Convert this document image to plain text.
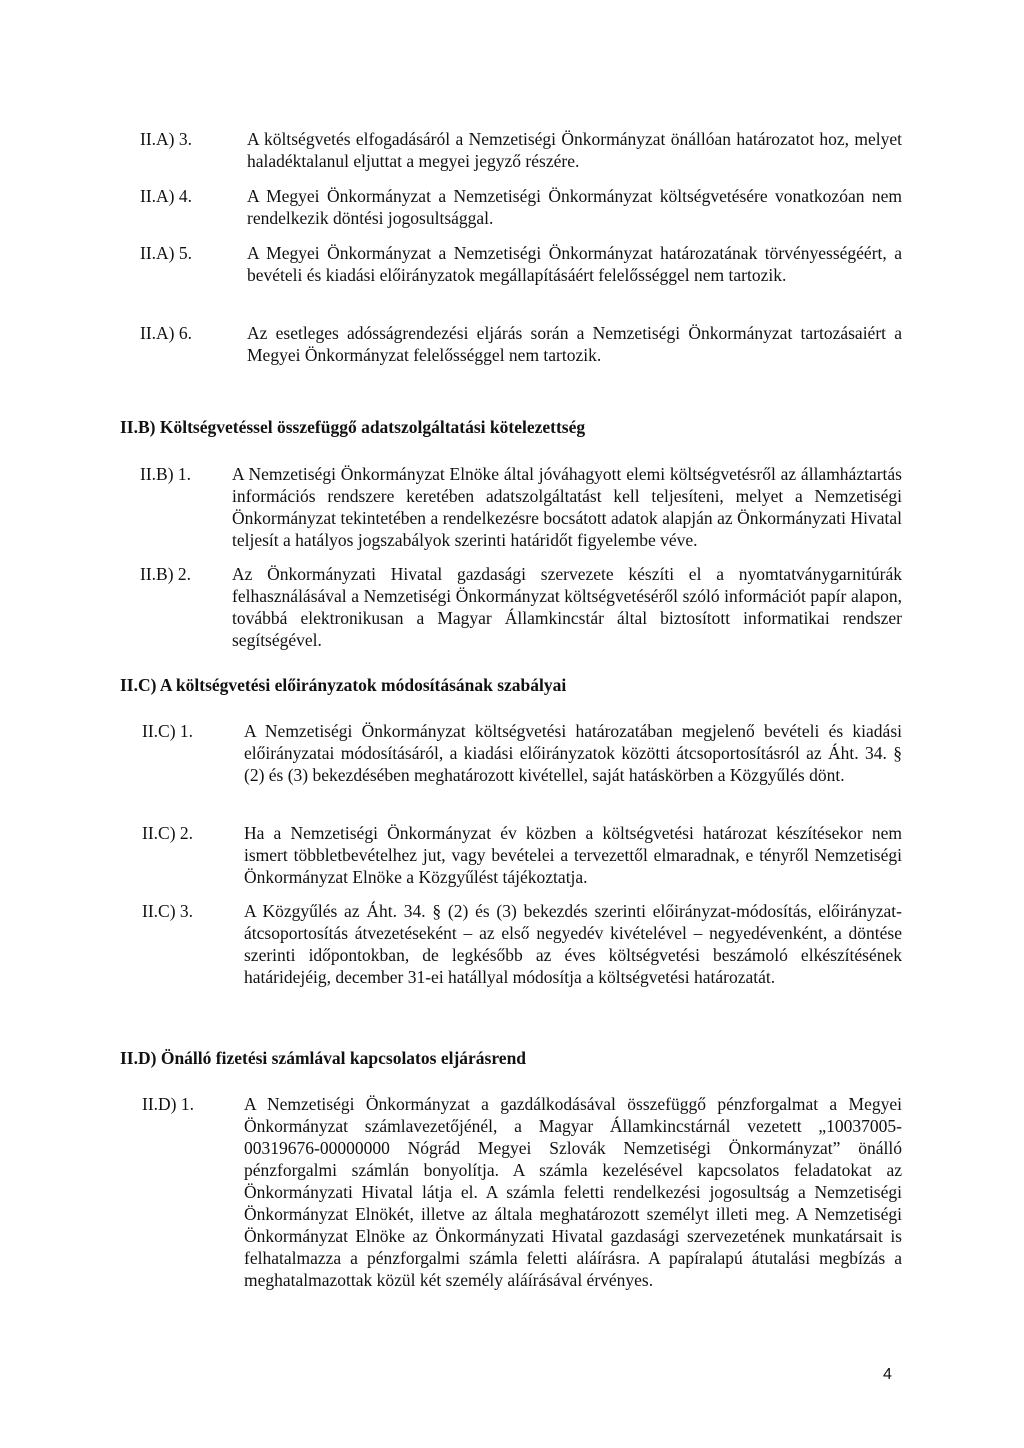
II.A) 3.	A költségvetés elfogadásáról a Nemzetiségi Önkormányzat önállóan határozatot hoz, melyet haladéktalanul eljuttat a megyei jegyző részére.
II.A) 4.	A Megyei Önkormányzat a Nemzetiségi Önkormányzat költségvetésére vonatkozóan nem rendelkezik döntési jogosultsággal.
II.A) 5.	A Megyei Önkormányzat a Nemzetiségi Önkormányzat határozatának törvényességéért, a bevételi és kiadási előirányzatok megállapításáért felelősséggel nem tartozik.
II.A) 6.	Az esetleges adósságrendezési eljárás során a Nemzetiségi Önkormányzat tartozásaiért a Megyei Önkormányzat felelősséggel nem tartozik.
II.B) Költségvetéssel összefüggő adatszolgáltatási kötelezettség
II.B) 1. A Nemzetiségi Önkormányzat Elnöke által jóváhagyott elemi költségvetésről az államháztartás információs rendszere keretében adatszolgáltatást kell teljesíteni, melyet a Nemzetiségi Önkormányzat tekintetében a rendelkezésre bocsátott adatok alapján az Önkormányzati Hivatal teljesít a hatályos jogszabályok szerinti határidőt figyelembe véve.
II.B) 2. Az Önkormányzati Hivatal gazdasági szervezete készíti el a nyomtatványgarnitúrák felhasználásával a Nemzetiségi Önkormányzat költségvetéséről szóló információt papír alapon, továbbá elektronikusan a Magyar Államkincstár által biztosított informatikai rendszer segítségével.
II.C) A költségvetési előirányzatok módosításának szabályai
II.C) 1.	A Nemzetiségi Önkormányzat költségvetési határozatában megjelenő bevételi és kiadási előirányzatai módosításáról, a kiadási előirányzatok közötti átcsoportosításról az Áht. 34. § (2) és (3) bekezdésében meghatározott kivétellel, saját hatáskörben a Közgyűlés dönt.
II.C) 2.	Ha a Nemzetiségi Önkormányzat év közben a költségvetési határozat készítésekor nem ismert többletbevételhez jut, vagy bevételei a tervezettől elmaradnak, e tényről Nemzetiségi Önkormányzat Elnöke a Közgyűlést tájékoztatja.
II.C) 3.	A Közgyűlés az Áht. 34. § (2) és (3) bekezdés szerinti előirányzat-módosítás, előirányzat-átcsoportosítás átvezetéseként – az első negyedév kivételével – negyedévenként, a döntése szerinti időpontokban, de legkésőbb az éves költségvetési beszámoló elkészítésének határidejéig, december 31-ei hatállyal módosítja a költségvetési határozatát.
II.D) Önálló fizetési számlával kapcsolatos eljárásrend
II.D) 1.	A Nemzetiségi Önkormányzat a gazdálkodásával összefüggő pénzforgalmat a Megyei Önkormányzat számlavezetőjénél, a Magyar Államkincstárnál vezetett „10037005-00319676-00000000 Nógrád Megyei Szlovák Nemzetiségi Önkormányzat” önálló pénzforgalmi számlán bonyolítja. A számla kezelésével kapcsolatos feladatokat az Önkormányzati Hivatal látja el. A számla feletti rendelkezési jogosultság a Nemzetiségi Önkormányzat Elnökét, illetve az általa meghatározott személyt illeti meg. A Nemzetiségi Önkormányzat Elnöke az Önkormányzati Hivatal gazdasági szervezetének munkatársait is felhatalmazza a pénzforgalmi számla feletti aláírásra. A papíralapú átutalási megbízás a meghatalmazottak közül két személy aláírásával érvényes.
4
